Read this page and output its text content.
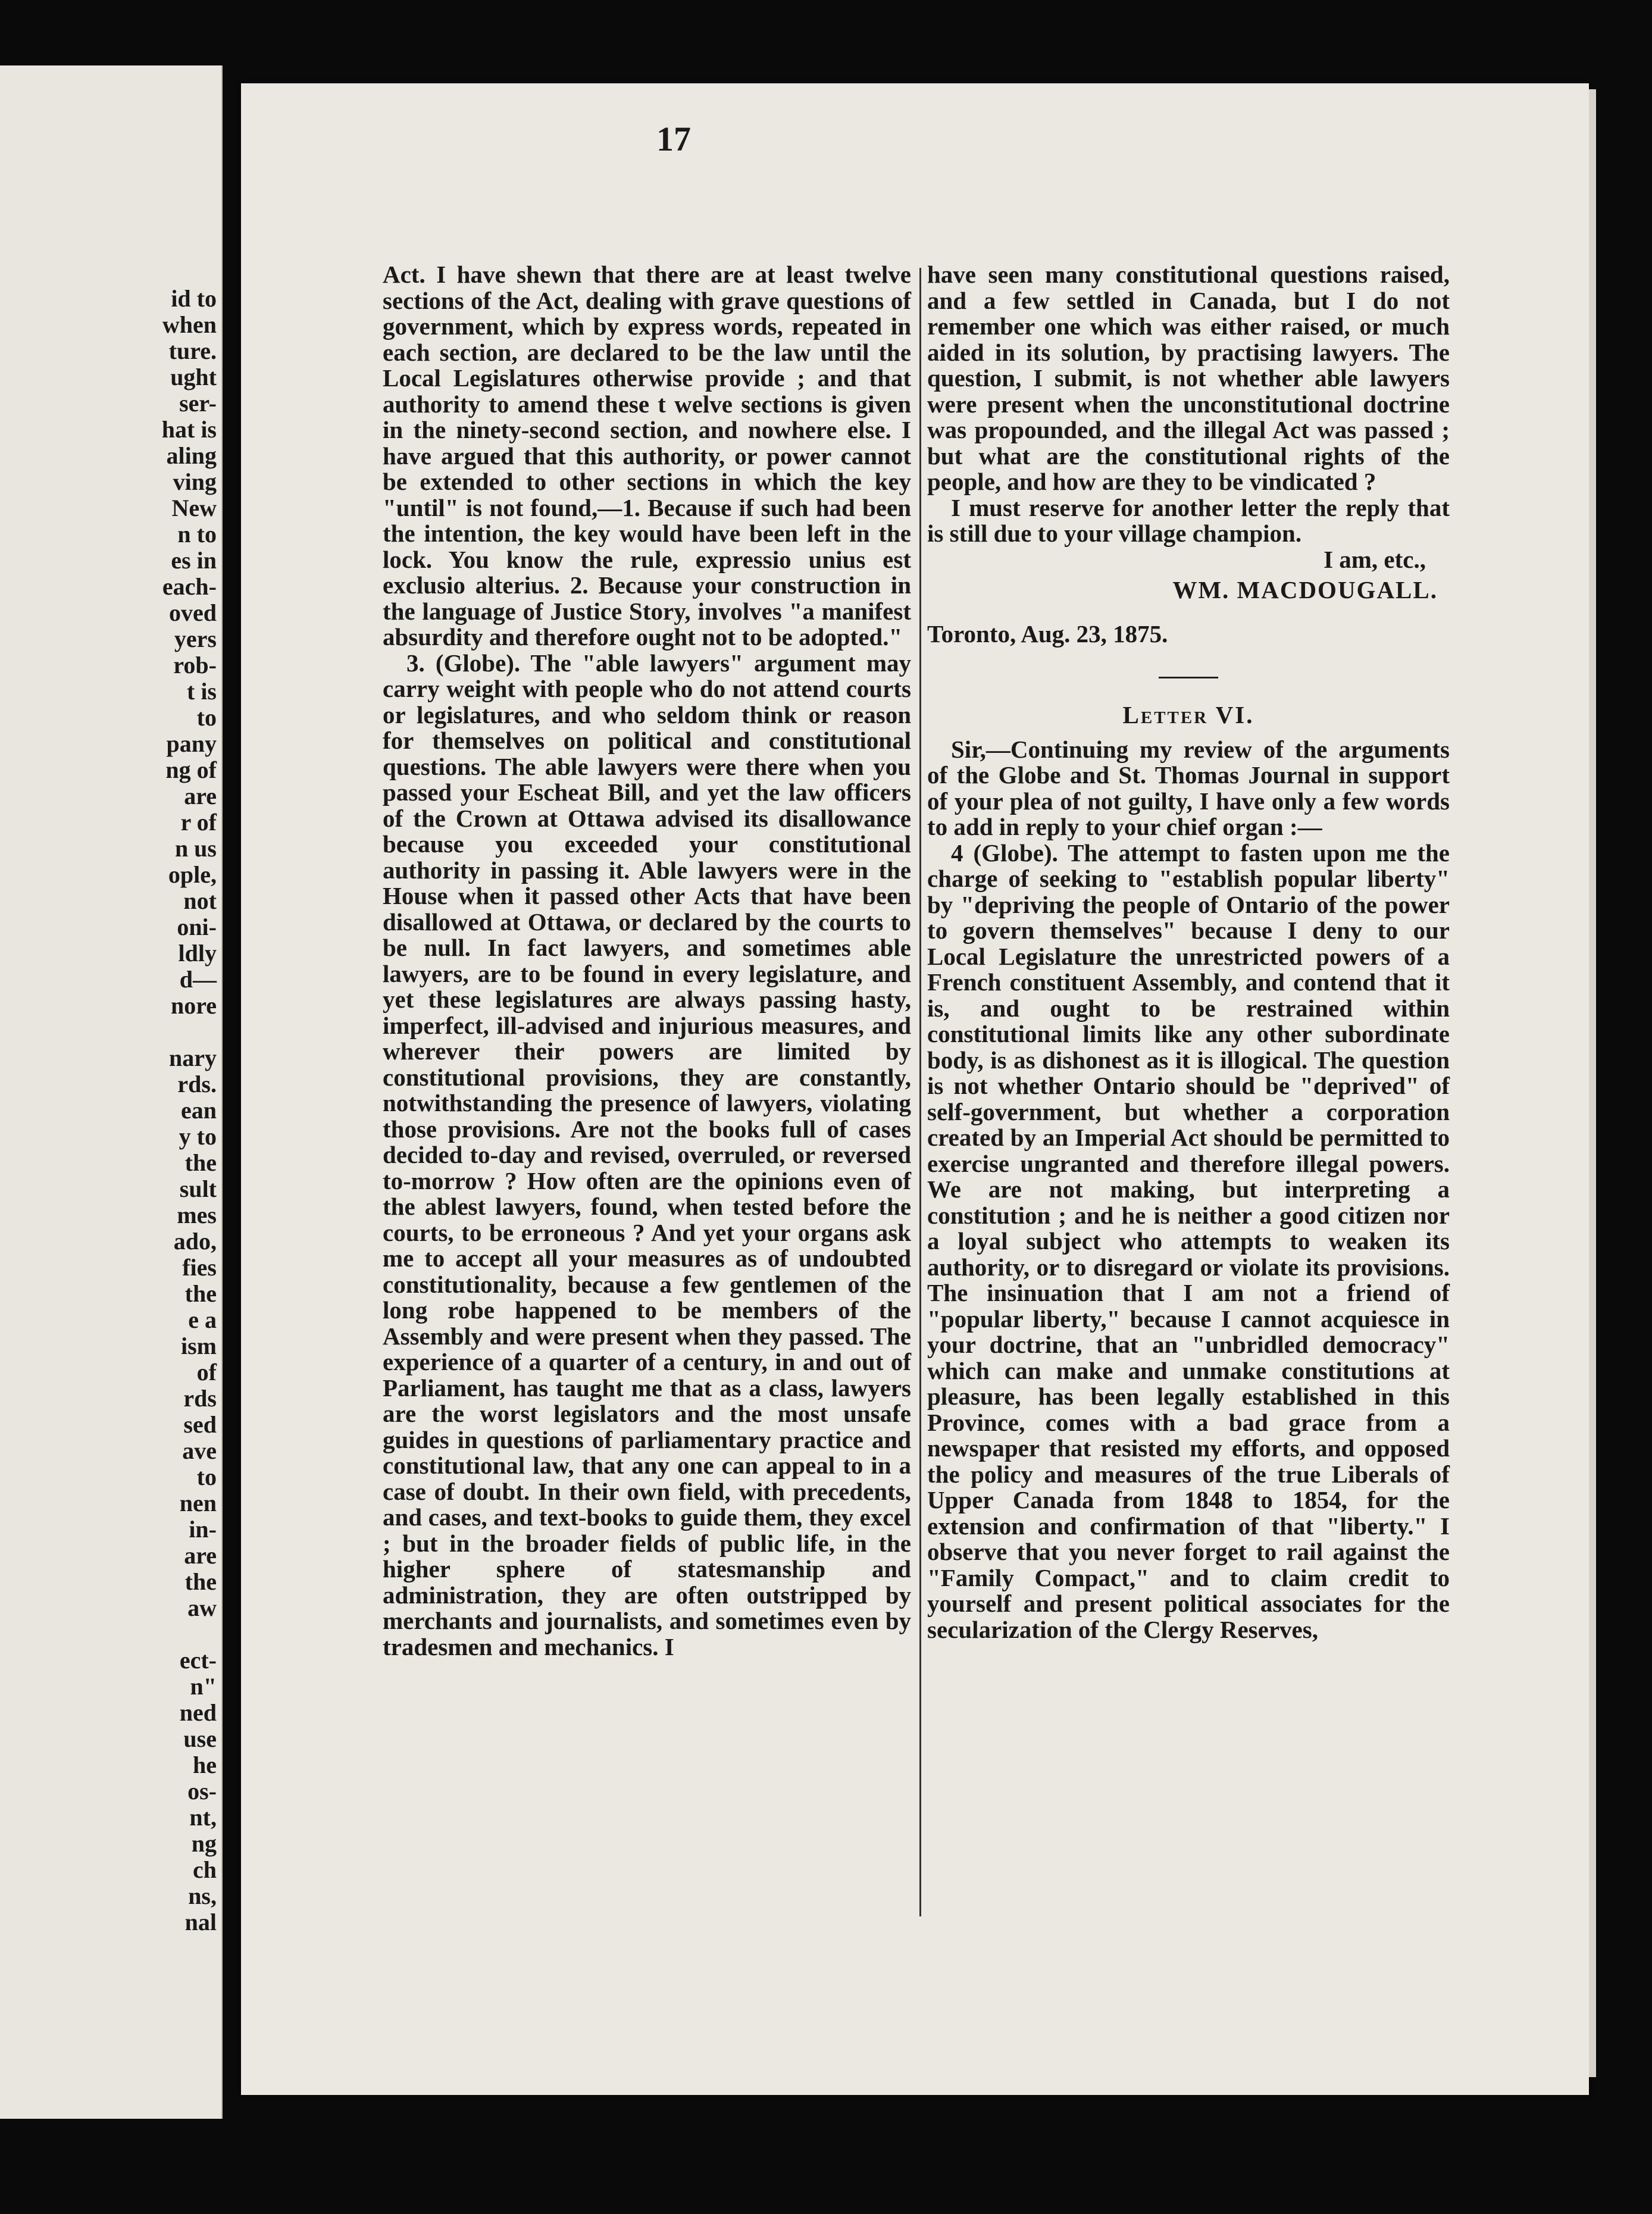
id to
when
ture.
ught
ser-
hat is
aling
ving
New
n to
es in
each-
oved
yers
rob-
t is
to
pany
ng of
are
r of
n us
ople,
not
oni-
ldly
d—
nore
nary
rds.
ean
y to
the
sult
mes
ado,
fies
the
e a
ism
of
rds
sed
ave
to
nen
in-
are
the
aw
ect-
n"
ned
use
he
os-
nt,
ng
ch
ns,
nal
17

Act. I have shewn that there are at least twelve sections of the Act, dealing with grave questions of government, which by express words, repeated in each section, are declared to be the law until the Local Legislatures otherwise provide ; and that authority to amend these t welve sections is given in the ninety-second section, and nowhere else. I have argued that this authority, or power cannot be extended to other sections in which the key "until" is not found,—1. Because if such had been the intention, the key would have been left in the lock. You know the rule, expressio unius est exclusio alterius. 2. Because your construction in the language of Justice Story, involves "a manifest absurdity and therefore ought not to be adopted."

3. (Globe). The "able lawyers" argument may carry weight with people who do not attend courts or legislatures, and who seldom think or reason for themselves on political and constitutional questions. The able lawyers were there when you passed your Escheat Bill, and yet the law officers of the Crown at Ottawa advised its disallowance because you exceeded your constitutional authority in passing it. Able lawyers were in the House when it passed other Acts that have been disallowed at Ottawa, or declared by the courts to be null. In fact lawyers, and sometimes able lawyers, are to be found in every legislature, and yet these legislatures are always passing hasty, imperfect, ill-advised and injurious measures, and wherever their powers are limited by constitutional provisions, they are constantly, notwithstanding the presence of lawyers, violating those provisions. Are not the books full of cases decided to-day and revised, overruled, or reversed to-morrow ? How often are the opinions even of the ablest lawyers, found, when tested before the courts, to be erroneous ? And yet your organs ask me to accept all your measures as of undoubted constitutionality, because a few gentlemen of the long robe happened to be members of the Assembly and were present when they passed. The experience of a quarter of a century, in and out of Parliament, has taught me that as a class, lawyers are the worst legislators and the most unsafe guides in questions of parliamentary practice and constitutional law, that any one can appeal to in a case of doubt. In their own field, with precedents, and cases, and text-books to guide them, they excel ; but in the broader fields of public life, in the higher sphere of statesmanship and administration, they are often outstripped by merchants and journalists, and sometimes even by tradesmen and mechanics. I

have seen many constitutional questions raised, and a few settled in Canada, but I do not remember one which was either raised, or much aided in its solution, by practising lawyers. The question, I submit, is not whether able lawyers were present when the unconstitutional doctrine was propounded, and the illegal Act was passed ; but what are the constitutional rights of the people, and how are they to be vindicated ?

I must reserve for another letter the reply that is still due to your village champion.

I am, etc.,

WM. MACDOUGALL.

Toronto, Aug. 23, 1875.

Letter VI.

Sir,—Continuing my review of the arguments of the Globe and St. Thomas Journal in support of your plea of not guilty, I have only a few words to add in reply to your chief organ :—

4 (Globe). The attempt to fasten upon me the charge of seeking to "establish popular liberty" by "depriving the people of Ontario of the power to govern themselves" because I deny to our Local Legislature the unrestricted powers of a French constituent Assembly, and contend that it is, and ought to be restrained within constitutional limits like any other subordinate body, is as dishonest as it is illogical. The question is not whether Ontario should be "deprived" of self-government, but whether a corporation created by an Imperial Act should be permitted to exercise ungranted and therefore illegal powers. We are not making, but interpreting a constitution ; and he is neither a good citizen nor a loyal subject who attempts to weaken its authority, or to disregard or violate its provisions. The insinuation that I am not a friend of "popular liberty," because I cannot acquiesce in your doctrine, that an "unbridled democracy" which can make and unmake constitutions at pleasure, has been legally established in this Province, comes with a bad grace from a newspaper that resisted my efforts, and opposed the policy and measures of the true Liberals of Upper Canada from 1848 to 1854, for the extension and confirmation of that "liberty." I observe that you never forget to rail against the "Family Compact," and to claim credit to yourself and present political associates for the secularization of the Clergy Reserves,
